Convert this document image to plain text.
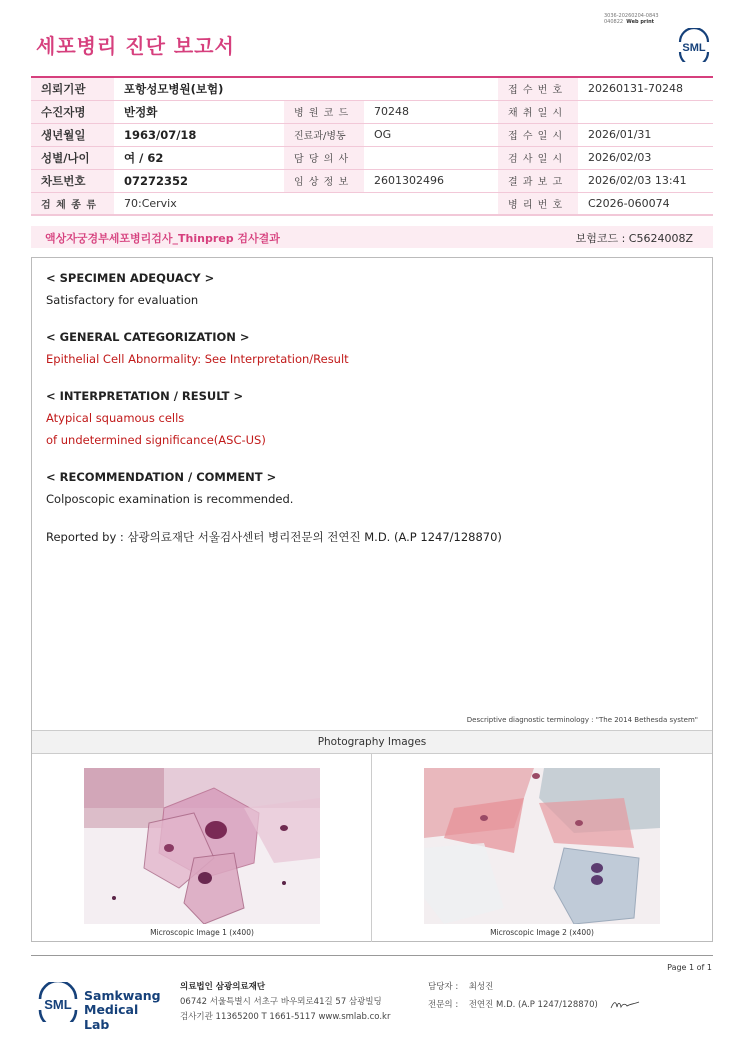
세포병리 진단 보고서
3036-20260204-0843
040822 Web print
SML
의뢰기관	포항성모병원(보험)			접 수 번 호	20260131-70248
수진자명	반정화	병 원 코 드	70248	채 취 일 시	
생년월일	1963/07/18	진료과/병동	OG	접 수 일 시	2026/01/31
성별/나이	여 / 62	담 당 의 사		검 사 일 시	2026/02/03
차트번호	07272352	임 상 정 보	2601302496	결 과 보 고	2026/02/03 13:41
검 체 종 류	70:Cervix			병 리 번 호	C2026-060074
액상자궁경부세포병리검사_Thinprep 검사결과	보험코드 : C5624008Z
< SPECIMEN ADEQUACY >
Satisfactory for evaluation
< GENERAL CATEGORIZATION >
Epithelial Cell Abnormality: See Interpretation/Result
< INTERPRETATION / RESULT >
Atypical squamous cells
of undetermined significance(ASC-US)
< RECOMMENDATION / COMMENT >
Colposcopic examination is recommended.
Reported by : 삼광의료재단 서울검사센터 병리전문의 전연진 M.D. (A.P 1247/128870)
Descriptive diagnostic terminology : "The 2014 Bethesda system"
Photography Images
Microscopic Image 1 (x400)	Microscopic Image 2 (x400)
Page 1 of 1
SML
Samkwang
Medical Lab
의료법인 삼광의료재단
06742 서울특별시 서초구 바우뫼로41길 57 삼광빌딩
검사기관 11365200 T 1661-5117 www.smlab.co.kr
담당자 : 최성진
전문의 : 전연진 M.D. (A.P 1247/128870)
